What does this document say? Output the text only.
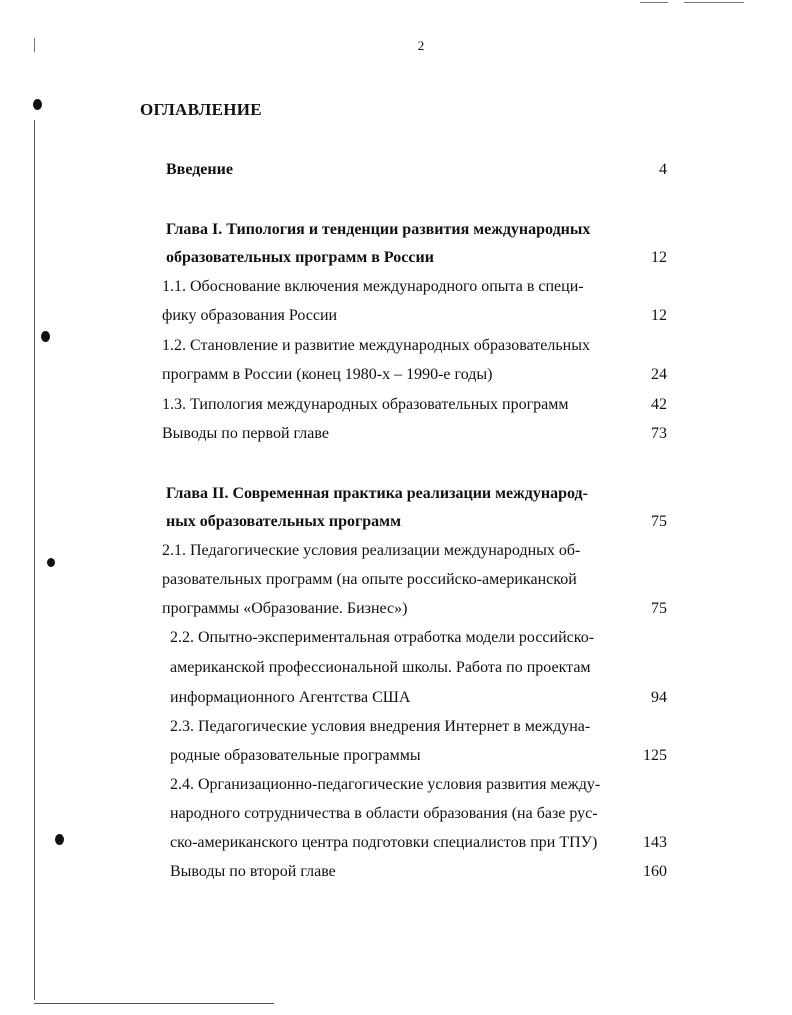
2
ОГЛАВЛЕНИЕ
Введение	4
Глава I. Типология и тенденции развития международных
образовательных программ в России	12
1.1. Обоснование включения международного опыта в специ-
фику образования России	12
1.2. Становление и развитие международных образовательных
программ в России (конец 1980-х – 1990-е годы)	24
1.3. Типология международных образовательных программ	42
Выводы по первой главе	73
Глава II. Современная практика реализации международ-
ных образовательных программ	75
2.1. Педагогические условия реализации международных об-
разовательных программ (на опыте российско-американской
программы «Образование. Бизнес»)	75
2.2. Опытно-экспериментальная отработка модели российско-
американской профессиональной школы. Работа по проектам
информационного Агентства США	94
2.3. Педагогические условия внедрения Интернет в междуна-
родные образовательные программы	125
2.4. Организационно-педагогические условия развития между-
народного сотрудничества в области образования (на базе рус-
ско-американского центра подготовки специалистов при ТПУ)	143
Выводы по второй главе	160
